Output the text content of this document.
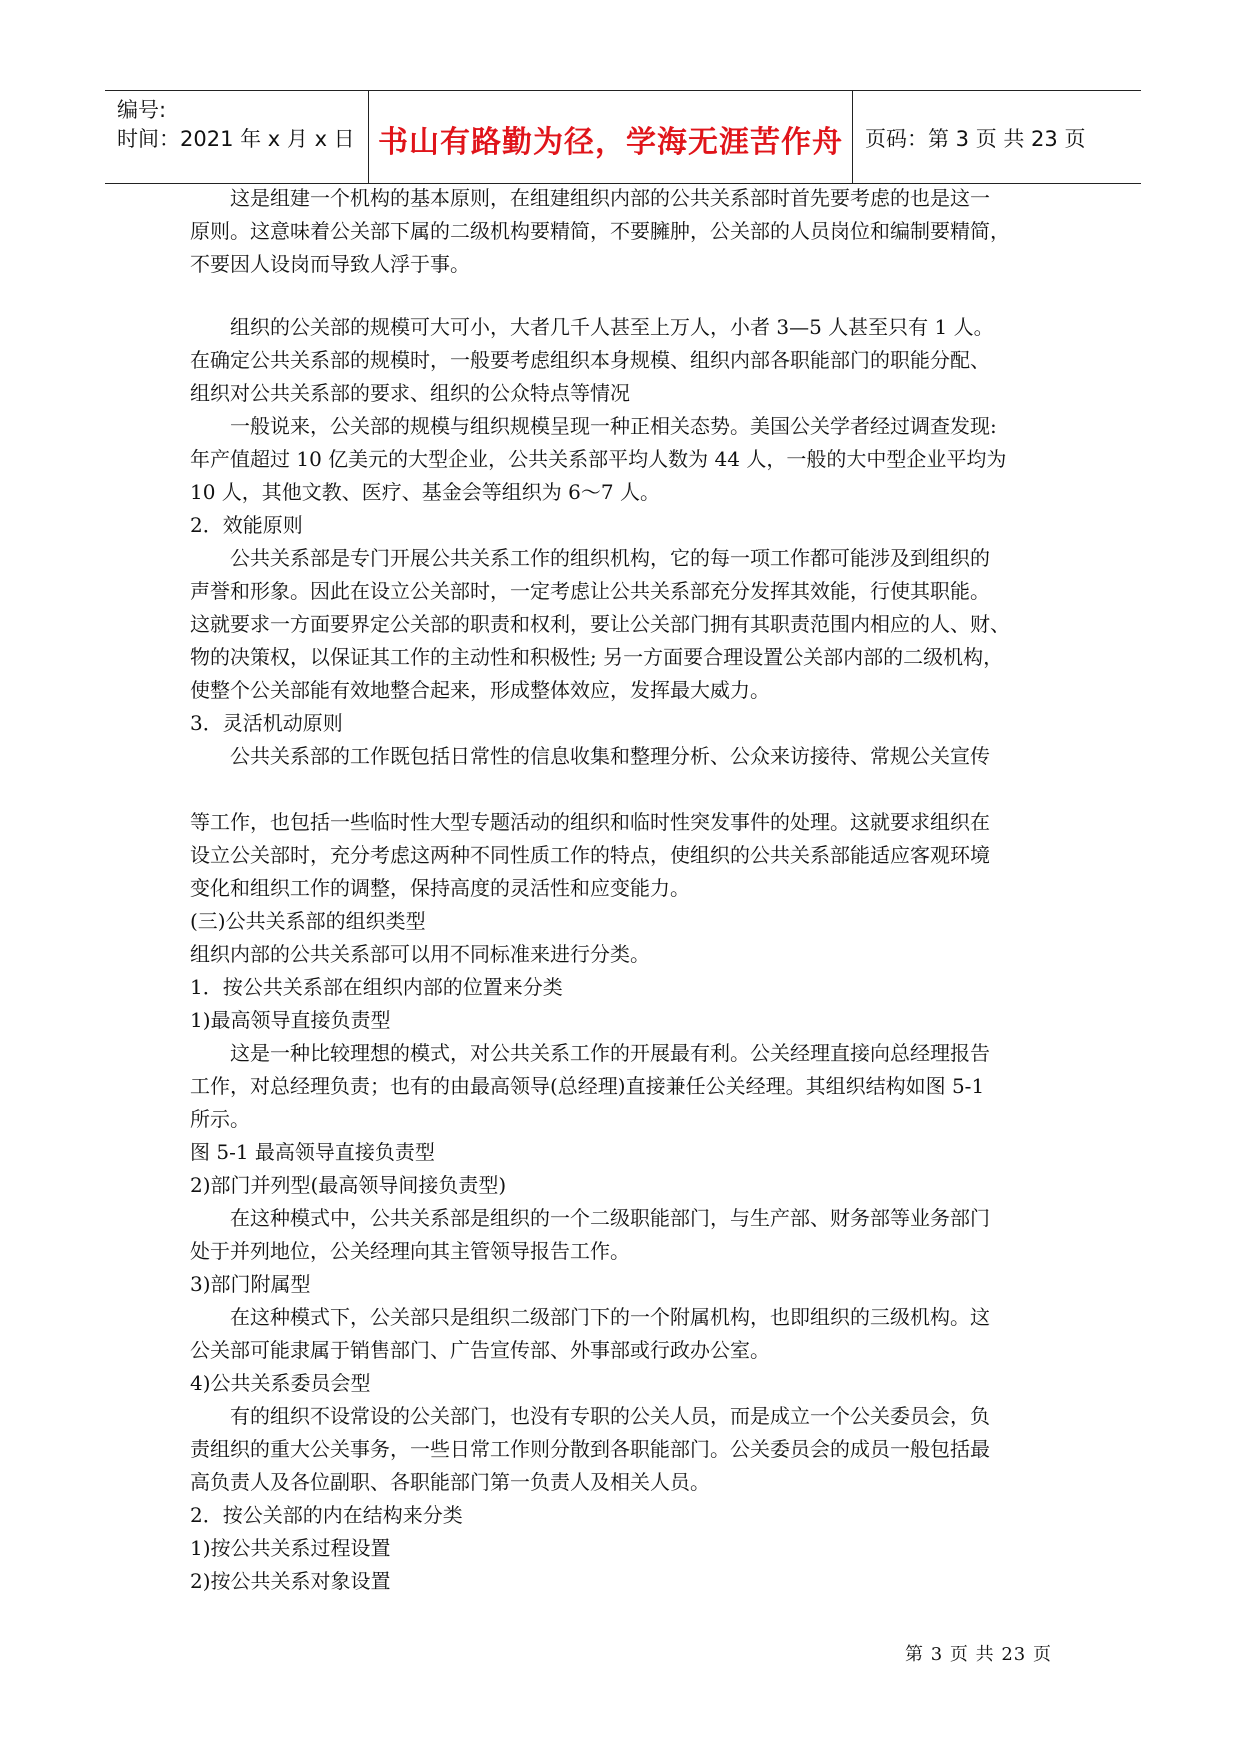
编号:
时间：2021 年 x 月 x 日 书山有路勤为径，学海无涯苦作舟	页码：第 3 页 共 23 页
这是组建一个机构的基本原则，在组建组织内部的公共关系部时首先要考虑的也是这一
原则。这意味着公关部下属的二级机构要精简，不要臃肿，公关部的人员岗位和编制要精简，
不要因人设岗而导致人浮于事。
组织的公关部的规模可大可小，大者几千人甚至上万人，小者 3—5 人甚至只有 1 人。
在确定公共关系部的规模时，一般要考虑组织本身规模、组织内部各职能部门的职能分配、
组织对公共关系部的要求、组织的公众特点等情况
一般说来，公关部的规模与组织规模呈现一种正相关态势。美国公关学者经过调查发现:
年产值超过 10 亿美元的大型企业，公共关系部平均人数为 44 人，一般的大中型企业平均为
10 人，其他文教、医疗、基金会等组织为 6～7 人。
2．效能原则
公共关系部是专门开展公共关系工作的组织机构，它的每一项工作都可能涉及到组织的
声誉和形象。因此在设立公关部时，一定考虑让公共关系部充分发挥其效能，行使其职能。
这就要求一方面要界定公关部的职责和权利，要让公关部门拥有其职责范围内相应的人、财、
物的决策权，以保证其工作的主动性和积极性; 另一方面要合理设置公关部内部的二级机构，
使整个公关部能有效地整合起来，形成整体效应，发挥最大威力。
3．灵活机动原则
公共关系部的工作既包括日常性的信息收集和整理分析、公众来访接待、常规公关宣传
等工作，也包括一些临时性大型专题活动的组织和临时性突发事件的处理。这就要求组织在
设立公关部时，充分考虑这两种不同性质工作的特点，使组织的公共关系部能适应客观环境
变化和组织工作的调整，保持高度的灵活性和应变能力。
(三)公共关系部的组织类型
组织内部的公共关系部可以用不同标准来进行分类。
1．按公共关系部在组织内部的位置来分类
1)最高领导直接负责型
这是一种比较理想的模式，对公共关系工作的开展最有利。公关经理直接向总经理报告
工作，对总经理负责；也有的由最高领导(总经理)直接兼任公关经理。其组织结构如图 5-1
所示。
图 5-1 最高领导直接负责型
2)部门并列型(最高领导间接负责型)
在这种模式中，公共关系部是组织的一个二级职能部门，与生产部、财务部等业务部门
处于并列地位，公关经理向其主管领导报告工作。
3)部门附属型
在这种模式下，公关部只是组织二级部门下的一个附属机构，也即组织的三级机构。这
公关部可能隶属于销售部门、广告宣传部、外事部或行政办公室。
4)公共关系委员会型
有的组织不设常设的公关部门，也没有专职的公关人员，而是成立一个公关委员会，负
责组织的重大公关事务，一些日常工作则分散到各职能部门。公关委员会的成员一般包括最
高负责人及各位副职、各职能部门第一负责人及相关人员。
2．按公关部的内在结构来分类
1)按公共关系过程设置
2)按公共关系对象设置
第 3 页 共 23 页
